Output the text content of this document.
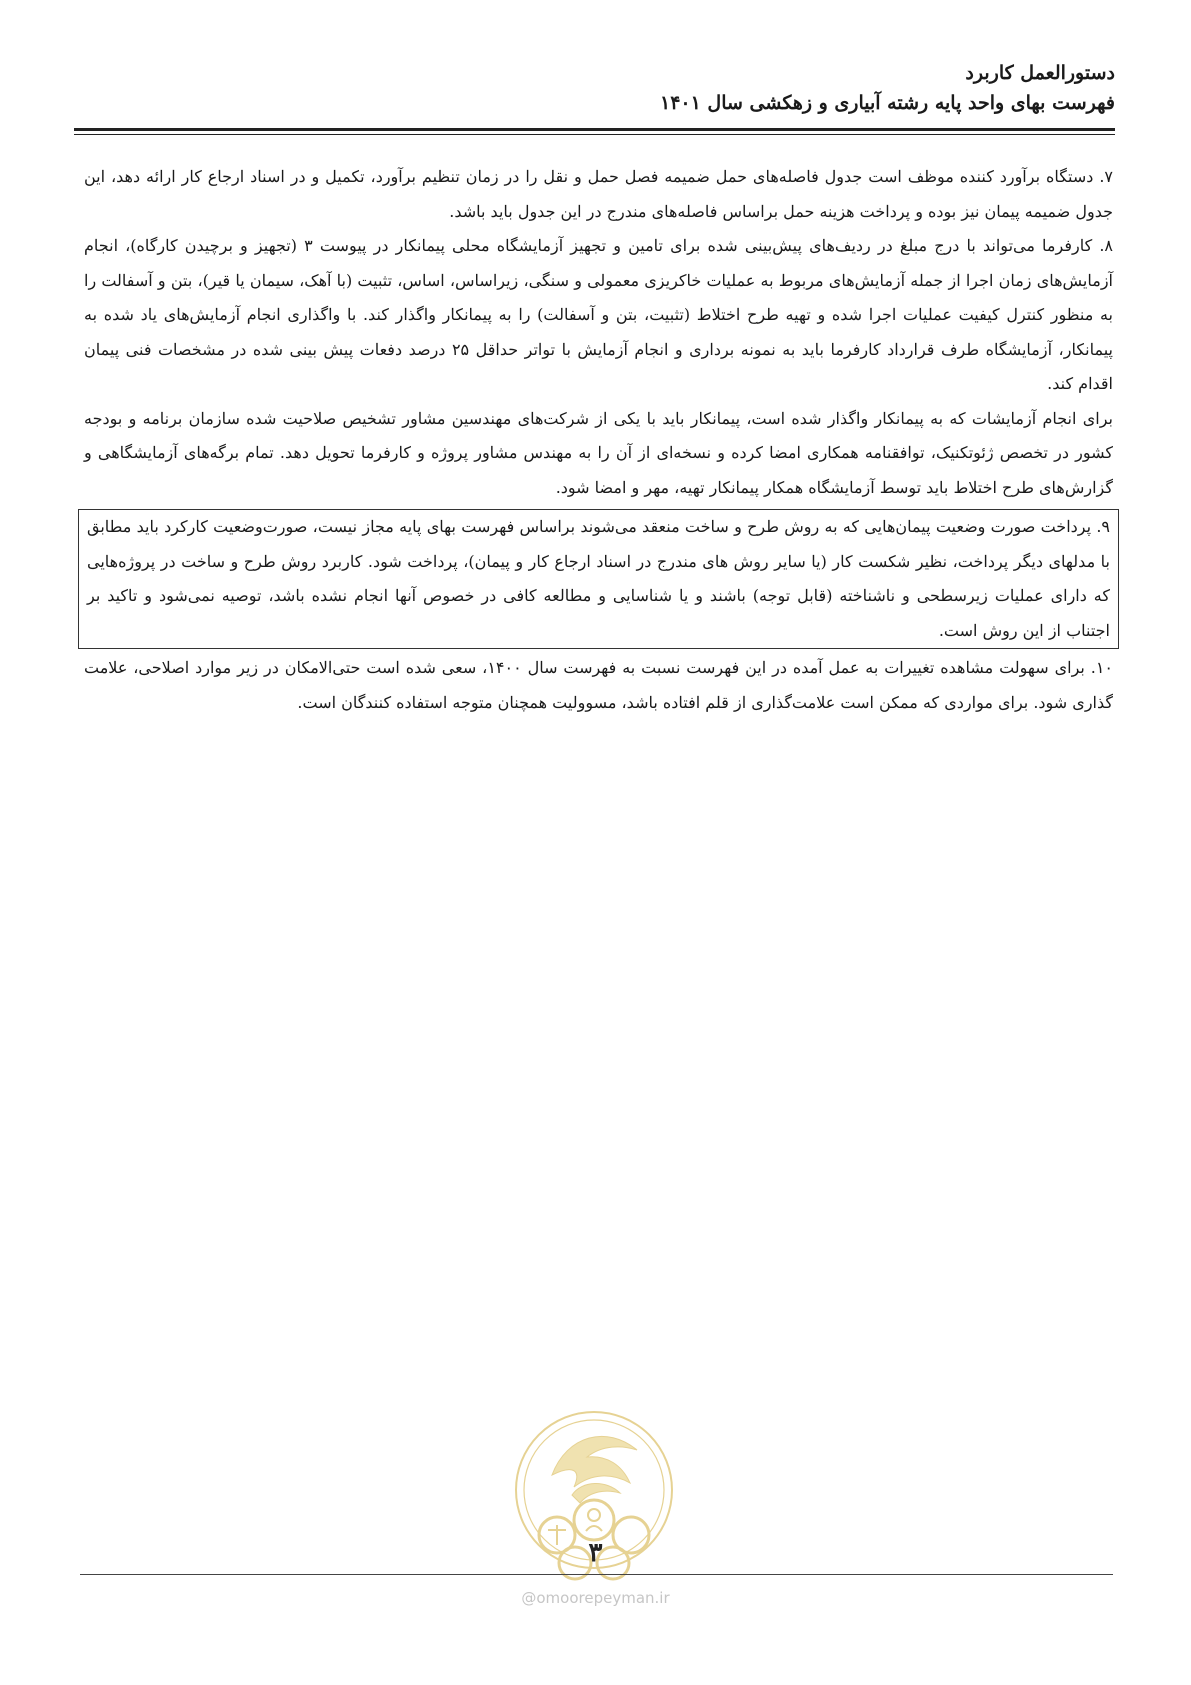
دستورالعمل کاربرد
فهرست بهای واحد پایه رشته آبیاری و زهکشی سال ۱۴۰۱

۷. دستگاه برآورد کننده موظف است جدول فاصله‌های حمل ضمیمه فصل حمل و نقل را در زمان تنظیم برآورد، تکمیل و در اسناد ارجاع کار ارائه دهد، این جدول ضمیمه پیمان نیز بوده و پرداخت هزینه حمل براساس فاصله‌های مندرج در این جدول باید باشد.

۸. کارفرما می‌تواند با درج مبلغ در ردیف‌های پیش‌بینی شده برای تامین و تجهیز آزمایشگاه محلی پیمانکار در پیوست ۳ (تجهیز و برچیدن کارگاه)، انجام آزمایش‌های زمان اجرا از جمله آزمایش‌های مربوط به عملیات خاکریزی معمولی و سنگی، زیراساس، اساس، تثبیت (با آهک، سیمان یا قیر)، بتن و آسفالت را به منظور کنترل کیفیت عملیات اجرا شده و تهیه طرح اختلاط (تثبیت، بتن و آسفالت) را به پیمانکار واگذار کند. با واگذاری انجام آزمایش‌های یاد شده به پیمانکار، آزمایشگاه طرف قرارداد کارفرما باید به نمونه برداری و انجام آزمایش با تواتر حداقل ۲۵ درصد دفعات پیش بینی شده در مشخصات فنی پیمان اقدام کند.

برای انجام آزمایشات که به پیمانکار واگذار شده است، پیمانکار باید با یکی از شرکت‌های مهندسین مشاور تشخیص صلاحیت شده سازمان برنامه و بودجه کشور در تخصص ژئوتکنیک، توافقنامه همکاری امضا کرده و نسخه‌ای از آن را به مهندس مشاور پروژه و کارفرما تحویل دهد. تمام برگه‌های آزمایشگاهی و گزارش‌های طرح اختلاط باید توسط آزمایشگاه همکار پیمانکار تهیه، مهر و امضا شود.

۹. پرداخت صورت وضعیت پیمان‌هایی که به روش طرح و ساخت منعقد می‌شوند براساس فهرست بهای پایه مجاز نیست، صورت‌وضعیت کارکرد باید مطابق با مدلهای دیگر پرداخت، نظیر شکست کار (یا سایر روش های مندرج در اسناد ارجاع کار و پیمان)، پرداخت شود. کاربرد روش طرح و ساخت در پروژه‌هایی که دارای عملیات زیرسطحی و ناشناخته (قابل توجه) باشند و یا شناسایی و مطالعه کافی در خصوص آنها انجام نشده باشد، توصیه نمی‌شود و تاکید بر اجتناب از این روش است.

۱۰. برای سهولت مشاهده تغییرات به عمل آمده در این فهرست نسبت به فهرست سال ۱۴۰۰، سعی شده است حتی‌الامکان در زیر موارد اصلاحی، علامت گذاری شود. برای مواردی که ممکن است علامت‌گذاری از قلم افتاده باشد، مسوولیت همچنان متوجه استفاده کنندگان است.

۳
@omoorepeyman.ir
